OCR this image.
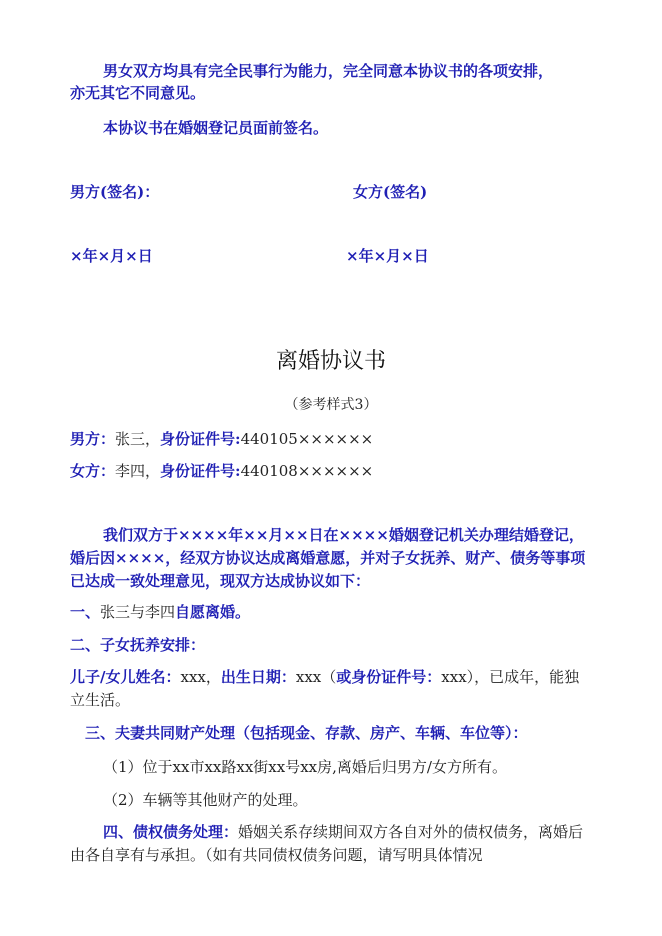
男女双方均具有完全民事行为能力，完全同意本协议书的各项安排，
亦无其它不同意见。
本协议书在婚姻登记员面前签名。
男方(签名)：	女方(签名)
×年×月×日	×年×月×日
离婚协议书
（参考样式3）
男方：张三，身份证件号:440105××××××
女方：李四，身份证件号:440108××××××
我们双方于××××年××月××日在××××婚姻登记机关办理结婚登记，婚后因××××，经双方协议达成离婚意愿，并对子女抚养、财产、债务等事项已达成一致处理意见，现双方达成协议如下：
一、张三与李四自愿离婚。
二、子女抚养安排：
儿子/女儿姓名：xxx，出生日期：xxx（或身份证件号：xxx），已成年，能独立生活。
三、夫妻共同财产处理（包括现金、存款、房产、车辆、车位等）：
（1）位于xx市xx路xx街xx号xx房,离婚后归男方/女方所有。
（2）车辆等其他财产的处理。
四、债权债务处理：婚姻关系存续期间双方各自对外的债权债务，离婚后由各自享有与承担。（如有共同债权债务问题，请写明具体情况
